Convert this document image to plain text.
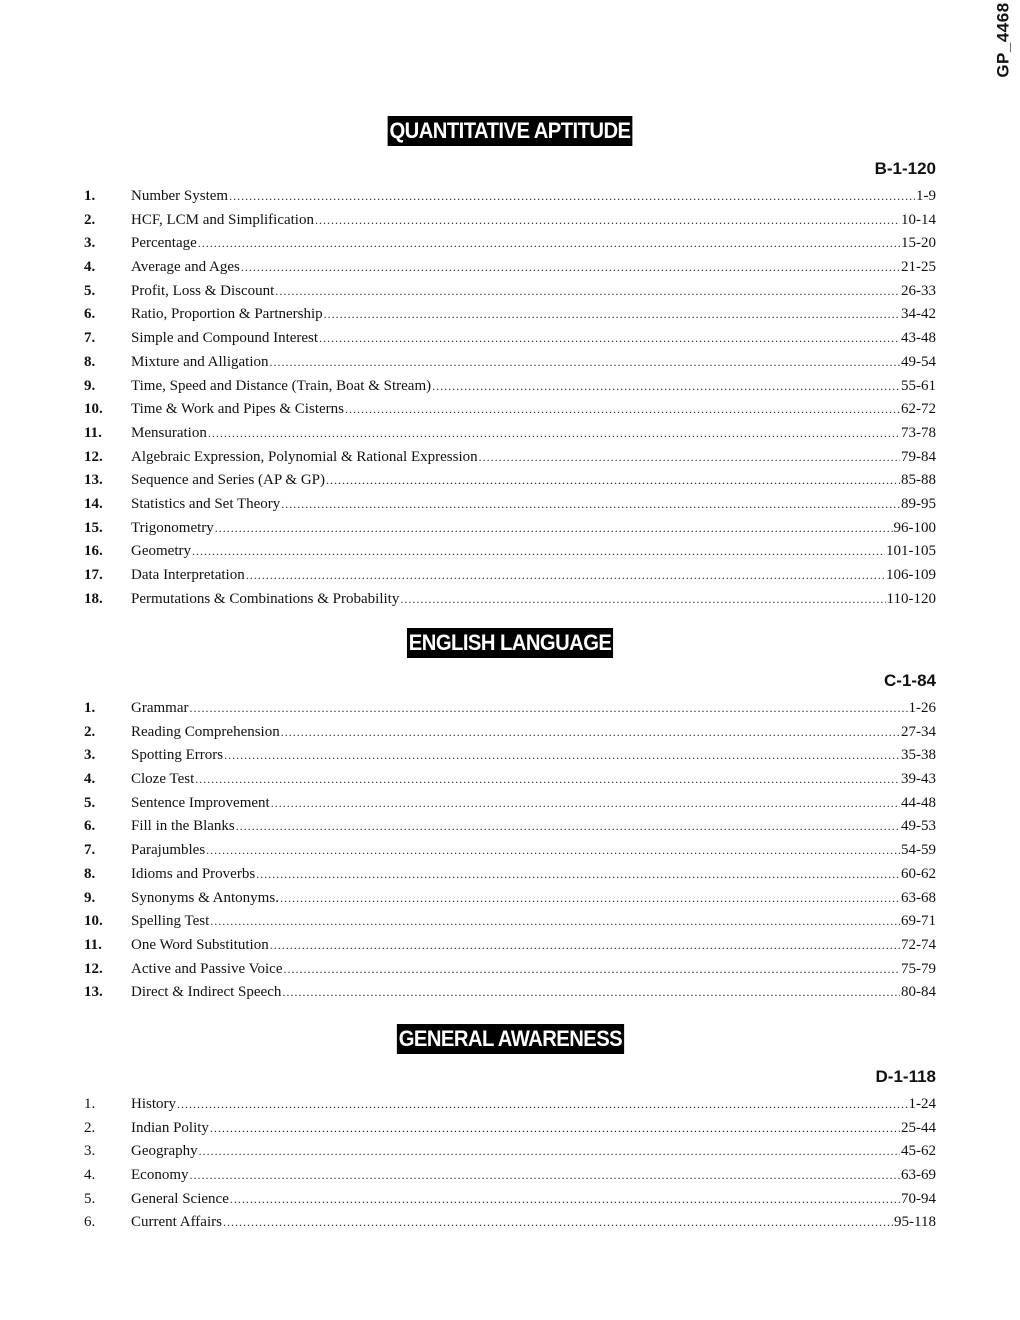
GP_4468
QUANTITATIVE APTITUDE
B-1-120
1.	Number System .....	1-9
2.	HCF, LCM and Simplification .....	10-14
3.	Percentage .....	15-20
4.	Average and Ages .....	21-25
5.	Profit, Loss & Discount .....	26-33
6.	Ratio, Proportion & Partnership .....	34-42
7.	Simple and Compound Interest .....	43-48
8.	Mixture and Alligation .....	49-54
9.	Time, Speed and Distance (Train, Boat & Stream) .....	55-61
10.	Time & Work and Pipes & Cisterns .....	62-72
11.	Mensuration .....	73-78
12.	Algebraic Expression, Polynomial & Rational Expression .....	79-84
13.	Sequence and Series (AP & GP) .....	85-88
14.	Statistics and Set Theory .....	89-95
15.	Trigonometry .....	96-100
16.	Geometry .....	101-105
17.	Data Interpretation .....	106-109
18.	Permutations & Combinations & Probability .....	110-120
ENGLISH LANGUAGE
C-1-84
1.	Grammar .....	1-26
2.	Reading Comprehension .....	27-34
3.	Spotting Errors .....	35-38
4.	Cloze Test .....	39-43
5.	Sentence Improvement .....	44-48
6.	Fill in the Blanks .....	49-53
7.	Parajumbles .....	54-59
8.	Idioms and Proverbs .....	60-62
9.	Synonyms & Antonyms. .....	63-68
10.	Spelling Test .....	69-71
11.	One Word Substitution .....	72-74
12.	Active and Passive Voice .....	75-79
13.	Direct & Indirect Speech .....	80-84
GENERAL AWARENESS
D-1-118
1.	History .....	1-24
2.	Indian Polity .....	25-44
3.	Geography .....	45-62
4.	Economy .....	63-69
5.	General Science .....	70-94
6.	Current Affairs .....	95-118
